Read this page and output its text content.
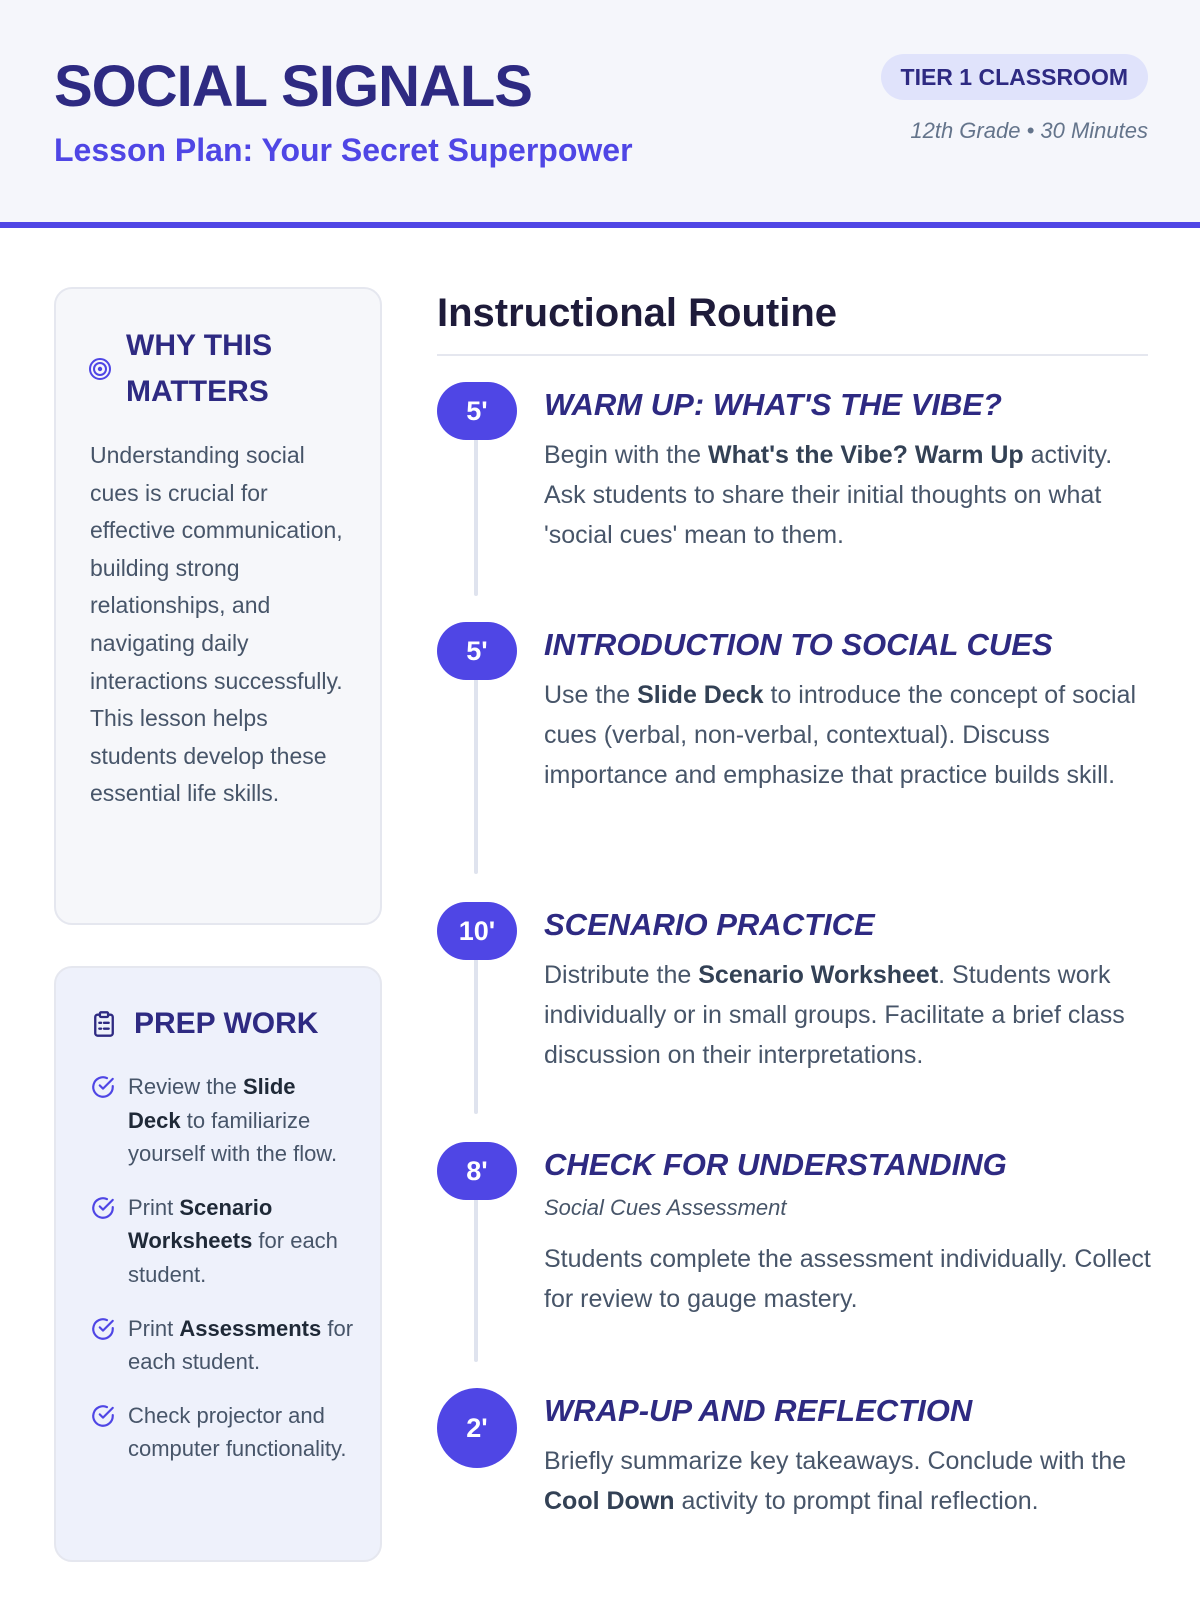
SOCIAL SIGNALS
Lesson Plan: Your Secret Superpower
TIER 1 CLASSROOM
12th Grade • 30 Minutes
WHY THIS MATTERS
Understanding social cues is crucial for effective communication, building strong relationships, and navigating daily interactions successfully. This lesson helps students develop these essential life skills.
PREP WORK
Review the Slide Deck to familiarize yourself with the flow.
Print Scenario Worksheets for each student.
Print Assessments for each student.
Check projector and computer functionality.
Instructional Routine
5'	WARM UP: WHAT'S THE VIBE?
Begin with the What's the Vibe? Warm Up activity. Ask students to share their initial thoughts on what 'social cues' mean to them.
5'	INTRODUCTION TO SOCIAL CUES
Use the Slide Deck to introduce the concept of social cues (verbal, non-verbal, contextual). Discuss importance and emphasize that practice builds skill.
10'	SCENARIO PRACTICE
Distribute the Scenario Worksheet. Students work individually or in small groups. Facilitate a brief class discussion on their interpretations.
8'	CHECK FOR UNDERSTANDING
Social Cues Assessment
Students complete the assessment individually. Collect for review to gauge mastery.
2'	WRAP-UP AND REFLECTION
Briefly summarize key takeaways. Conclude with the Cool Down activity to prompt final reflection.
